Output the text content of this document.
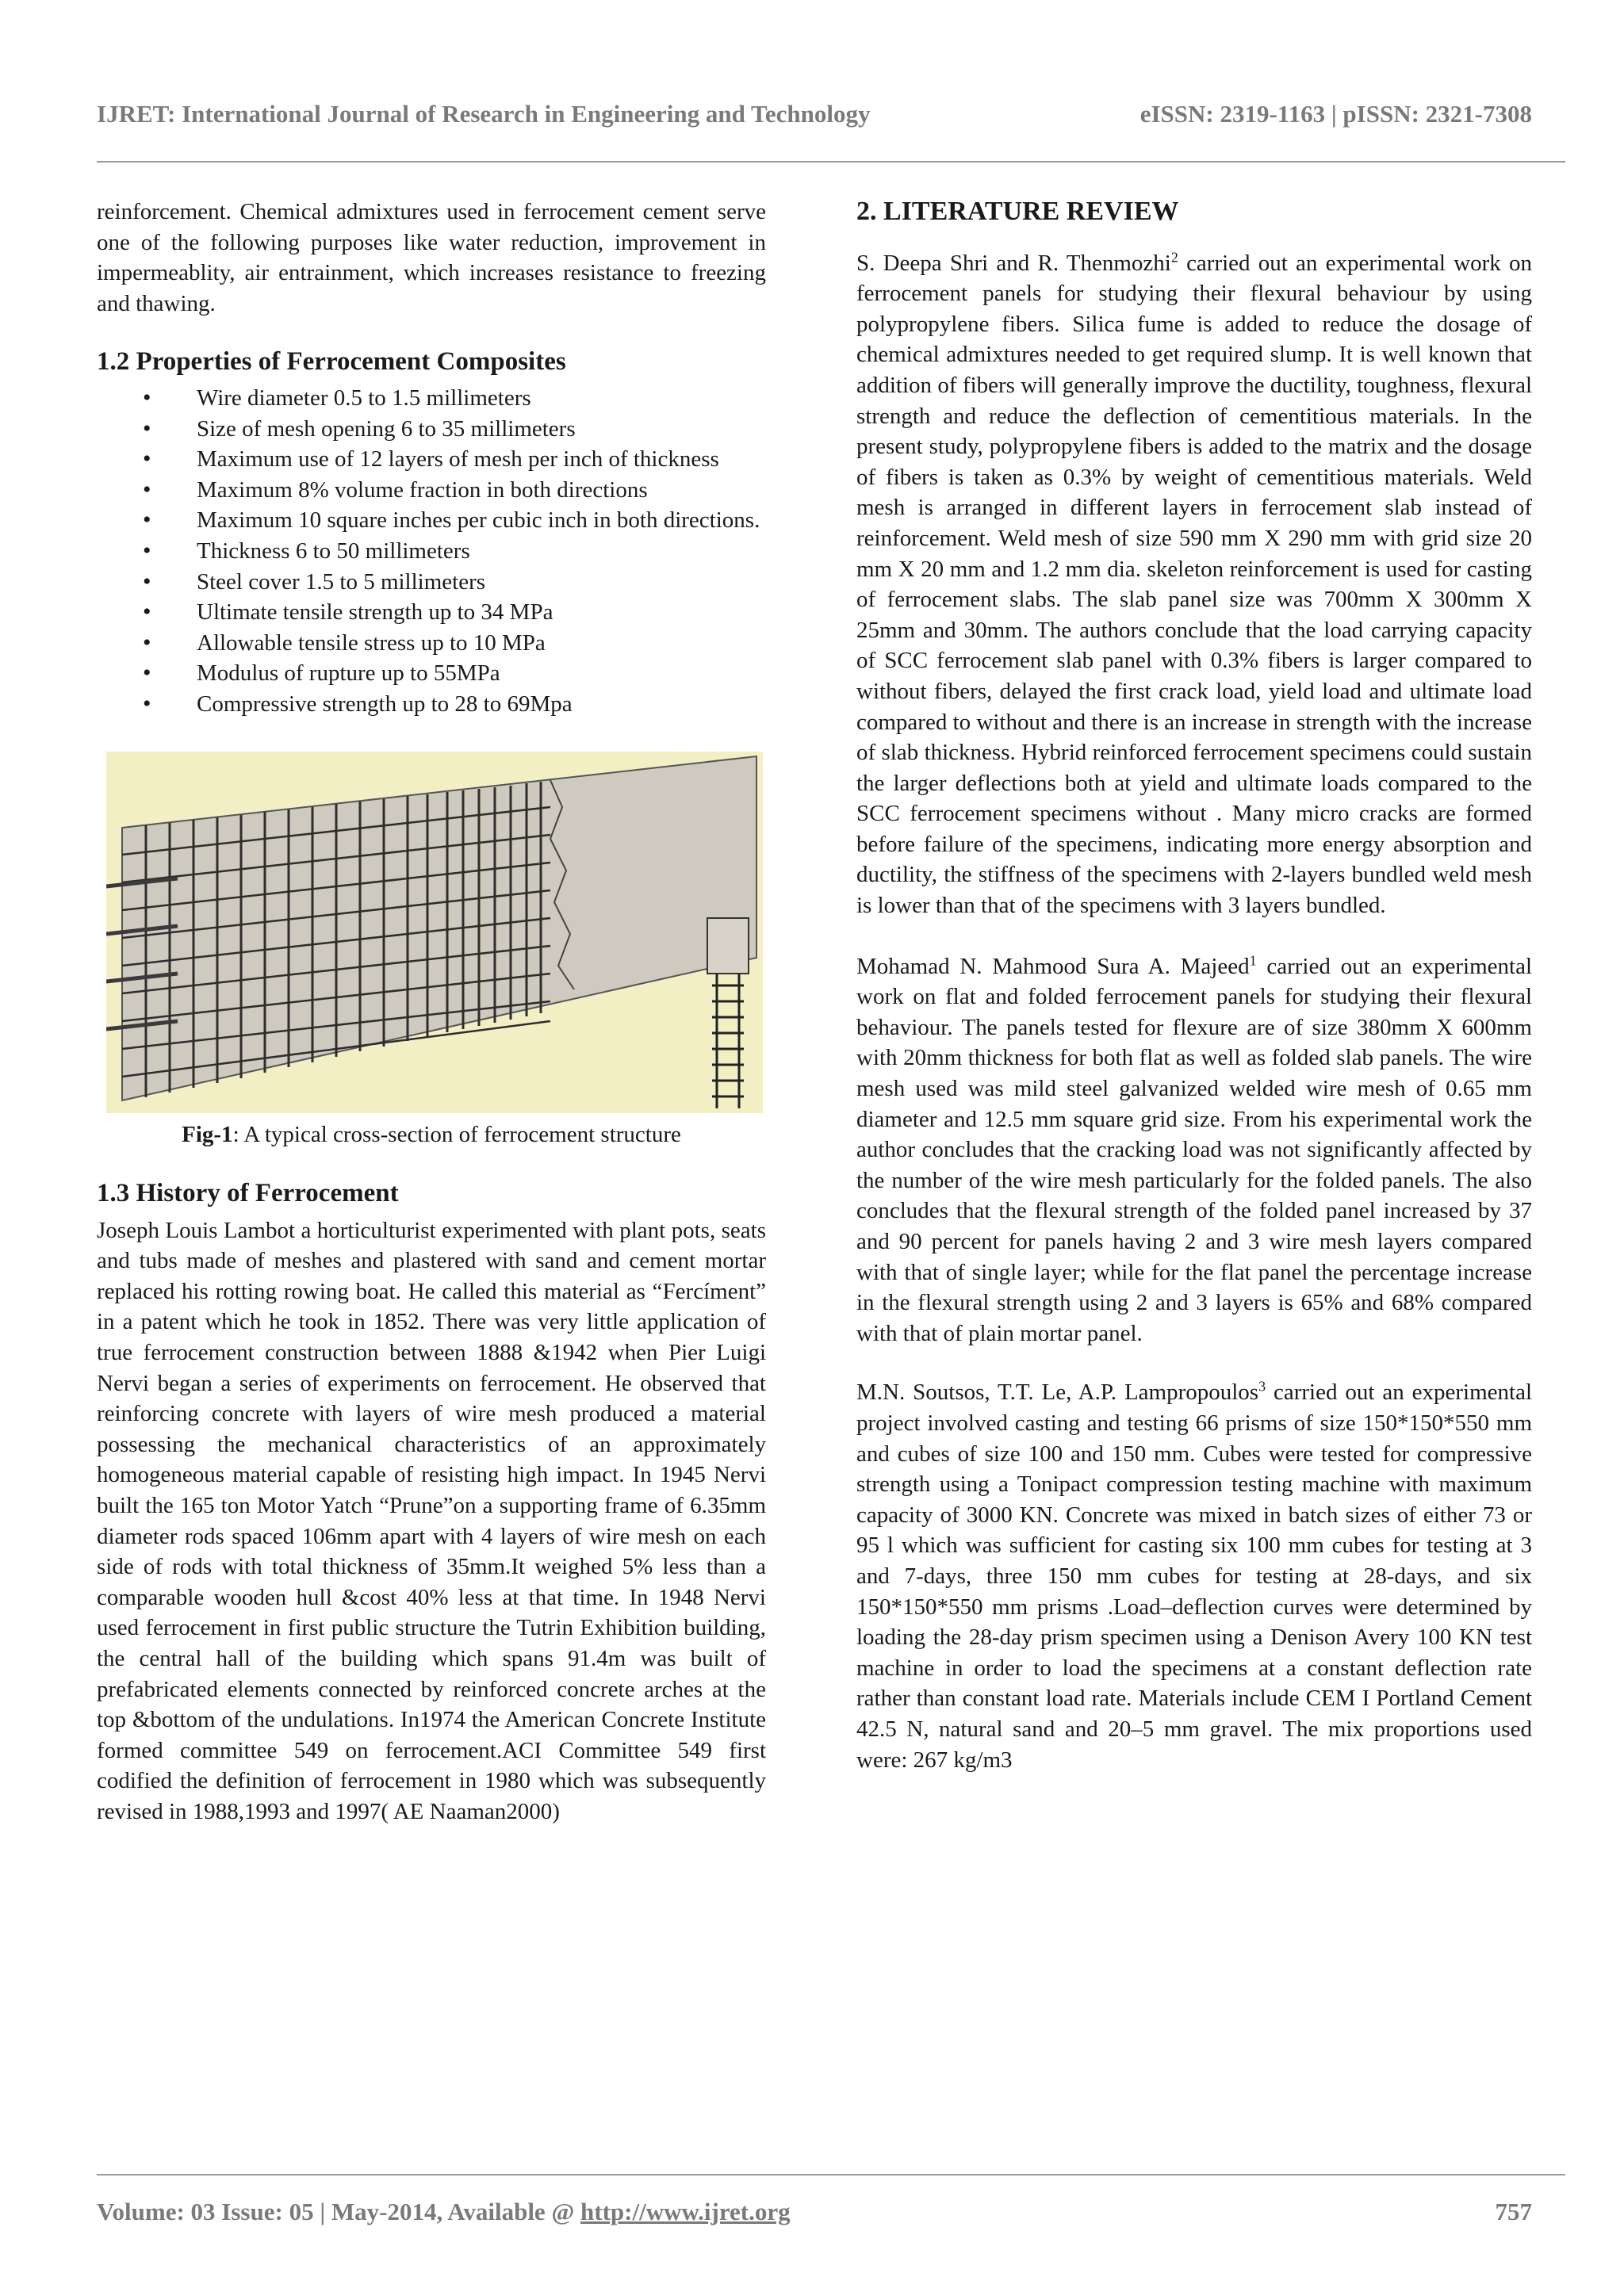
IJRET: International Journal of Research in Engineering and Technology	eISSN: 2319-1163 | pISSN: 2321-7308

reinforcement. Chemical admixtures used in ferrocement cement serve one of the following purposes like water reduction, improvement in impermeablity, air entrainment, which increases resistance to freezing and thawing.

1.2 Properties of Ferrocement Composites
• Wire diameter 0.5 to 1.5 millimeters
• Size of mesh opening 6 to 35 millimeters
• Maximum use of 12 layers of mesh per inch of thickness
• Maximum 8% volume fraction in both directions
• Maximum 10 square inches per cubic inch in both directions.
• Thickness 6 to 50 millimeters
• Steel cover 1.5 to 5 millimeters
• Ultimate tensile strength up to 34 MPa
• Allowable tensile stress up to 10 MPa
• Modulus of rupture up to 55MPa
• Compressive strength up to 28 to 69Mpa
Fig-1: A typical cross-section of ferrocement structure
1.3 History of Ferrocement

Joseph Louis Lambot a horticulturist experimented with plant pots, seats and tubs made of meshes and plastered with sand and cement mortar replaced his rotting rowing boat. He called this material as “Fercíment” in a patent which he took in 1852. There was very little application of true ferrocement construction between 1888 &1942 when Pier Luigi Nervi began a series of experiments on ferrocement. He observed that reinforcing concrete with layers of wire mesh produced a material possessing the mechanical characteristics of an approximately homogeneous material capable of resisting high impact. In 1945 Nervi built the 165 ton Motor Yatch “Prune”on a supporting frame of 6.35mm diameter rods spaced 106mm apart with 4 layers of wire mesh on each side of rods with total thickness of 35mm.It weighed 5% less than a comparable wooden hull &cost 40% less at that time. In 1948 Nervi used ferrocement in first public structure the Tutrin Exhibition building, the central hall of the building which spans 91.4m was built of prefabricated elements connected by reinforced concrete arches at the top &bottom of the undulations. In1974 the American Concrete Institute formed committee 549 on ferrocement.ACI Committee 549 first codified the definition of ferrocement in 1980 which was subsequently revised in 1988,1993 and 1997( AE Naaman2000)

2. LITERATURE REVIEW

S. Deepa Shri and R. Thenmozhi$^2$ carried out an experimental work on ferrocement panels for studying their flexural behaviour by using polypropylene fibers. Silica fume is added to reduce the dosage of chemical admixtures needed to get required slump. It is well known that addition of fibers will generally improve the ductility, toughness, flexural strength and reduce the deflection of cementitious materials. In the present study, polypropylene fibers is added to the matrix and the dosage of fibers is taken as 0.3% by weight of cementitious materials. Weld mesh is arranged in different layers in ferrocement slab instead of reinforcement. Weld mesh of size 590 mm X 290 mm with grid size 20 mm X 20 mm and 1.2 mm dia. skeleton reinforcement is used for casting of ferrocement slabs. The slab panel size was 700mm X 300mm X 25mm and 30mm. The authors conclude that the load carrying capacity of SCC ferrocement slab panel with 0.3% fibers is larger compared to without fibers, delayed the first crack load, yield load and ultimate load compared to without and there is an increase in strength with the increase of slab thickness. Hybrid reinforced ferrocement specimens could sustain the larger deflections both at yield and ultimate loads compared to the SCC ferrocement specimens without . Many micro cracks are formed before failure of the specimens, indicating more energy absorption and ductility, the stiffness of the specimens with 2-layers bundled weld mesh is lower than that of the specimens with 3 layers bundled.

Mohamad N. Mahmood Sura A. Majeed$^1$ carried out an experimental work on flat and folded ferrocement panels for studying their flexural behaviour. The panels tested for flexure are of size 380mm X 600mm with 20mm thickness for both flat as well as folded slab panels. The wire mesh used was mild steel galvanized welded wire mesh of 0.65 mm diameter and 12.5 mm square grid size. From his experimental work the author concludes that the cracking load was not significantly affected by the number of the wire mesh particularly for the folded panels. The also concludes that the flexural strength of the folded panel increased by 37 and 90 percent for panels having 2 and 3 wire mesh layers compared with that of single layer; while for the flat panel the percentage increase in the flexural strength using 2 and 3 layers is 65% and 68% compared with that of plain mortar panel.

M.N. Soutsos, T.T. Le, A.P. Lampropoulos$^3$ carried out an experimental project involved casting and testing 66 prisms of size 150*150*550 mm and cubes of size 100 and 150 mm. Cubes were tested for compressive strength using a Tonipact compression testing machine with maximum capacity of 3000 KN. Concrete was mixed in batch sizes of either 73 or 95 l which was sufficient for casting six 100 mm cubes for testing at 3 and 7-days, three 150 mm cubes for testing at 28-days, and six 150*150*550 mm prisms .Load–deflection curves were determined by loading the 28-day prism specimen using a Denison Avery 100 KN test machine in order to load the specimens at a constant deflection rate rather than constant load rate. Materials include CEM I Portland Cement 42.5 N, natural sand and 20–5 mm gravel. The mix proportions used were: 267 kg/m3

Volume: 03 Issue: 05 | May-2014, Available @ http://www.ijret.org	757
